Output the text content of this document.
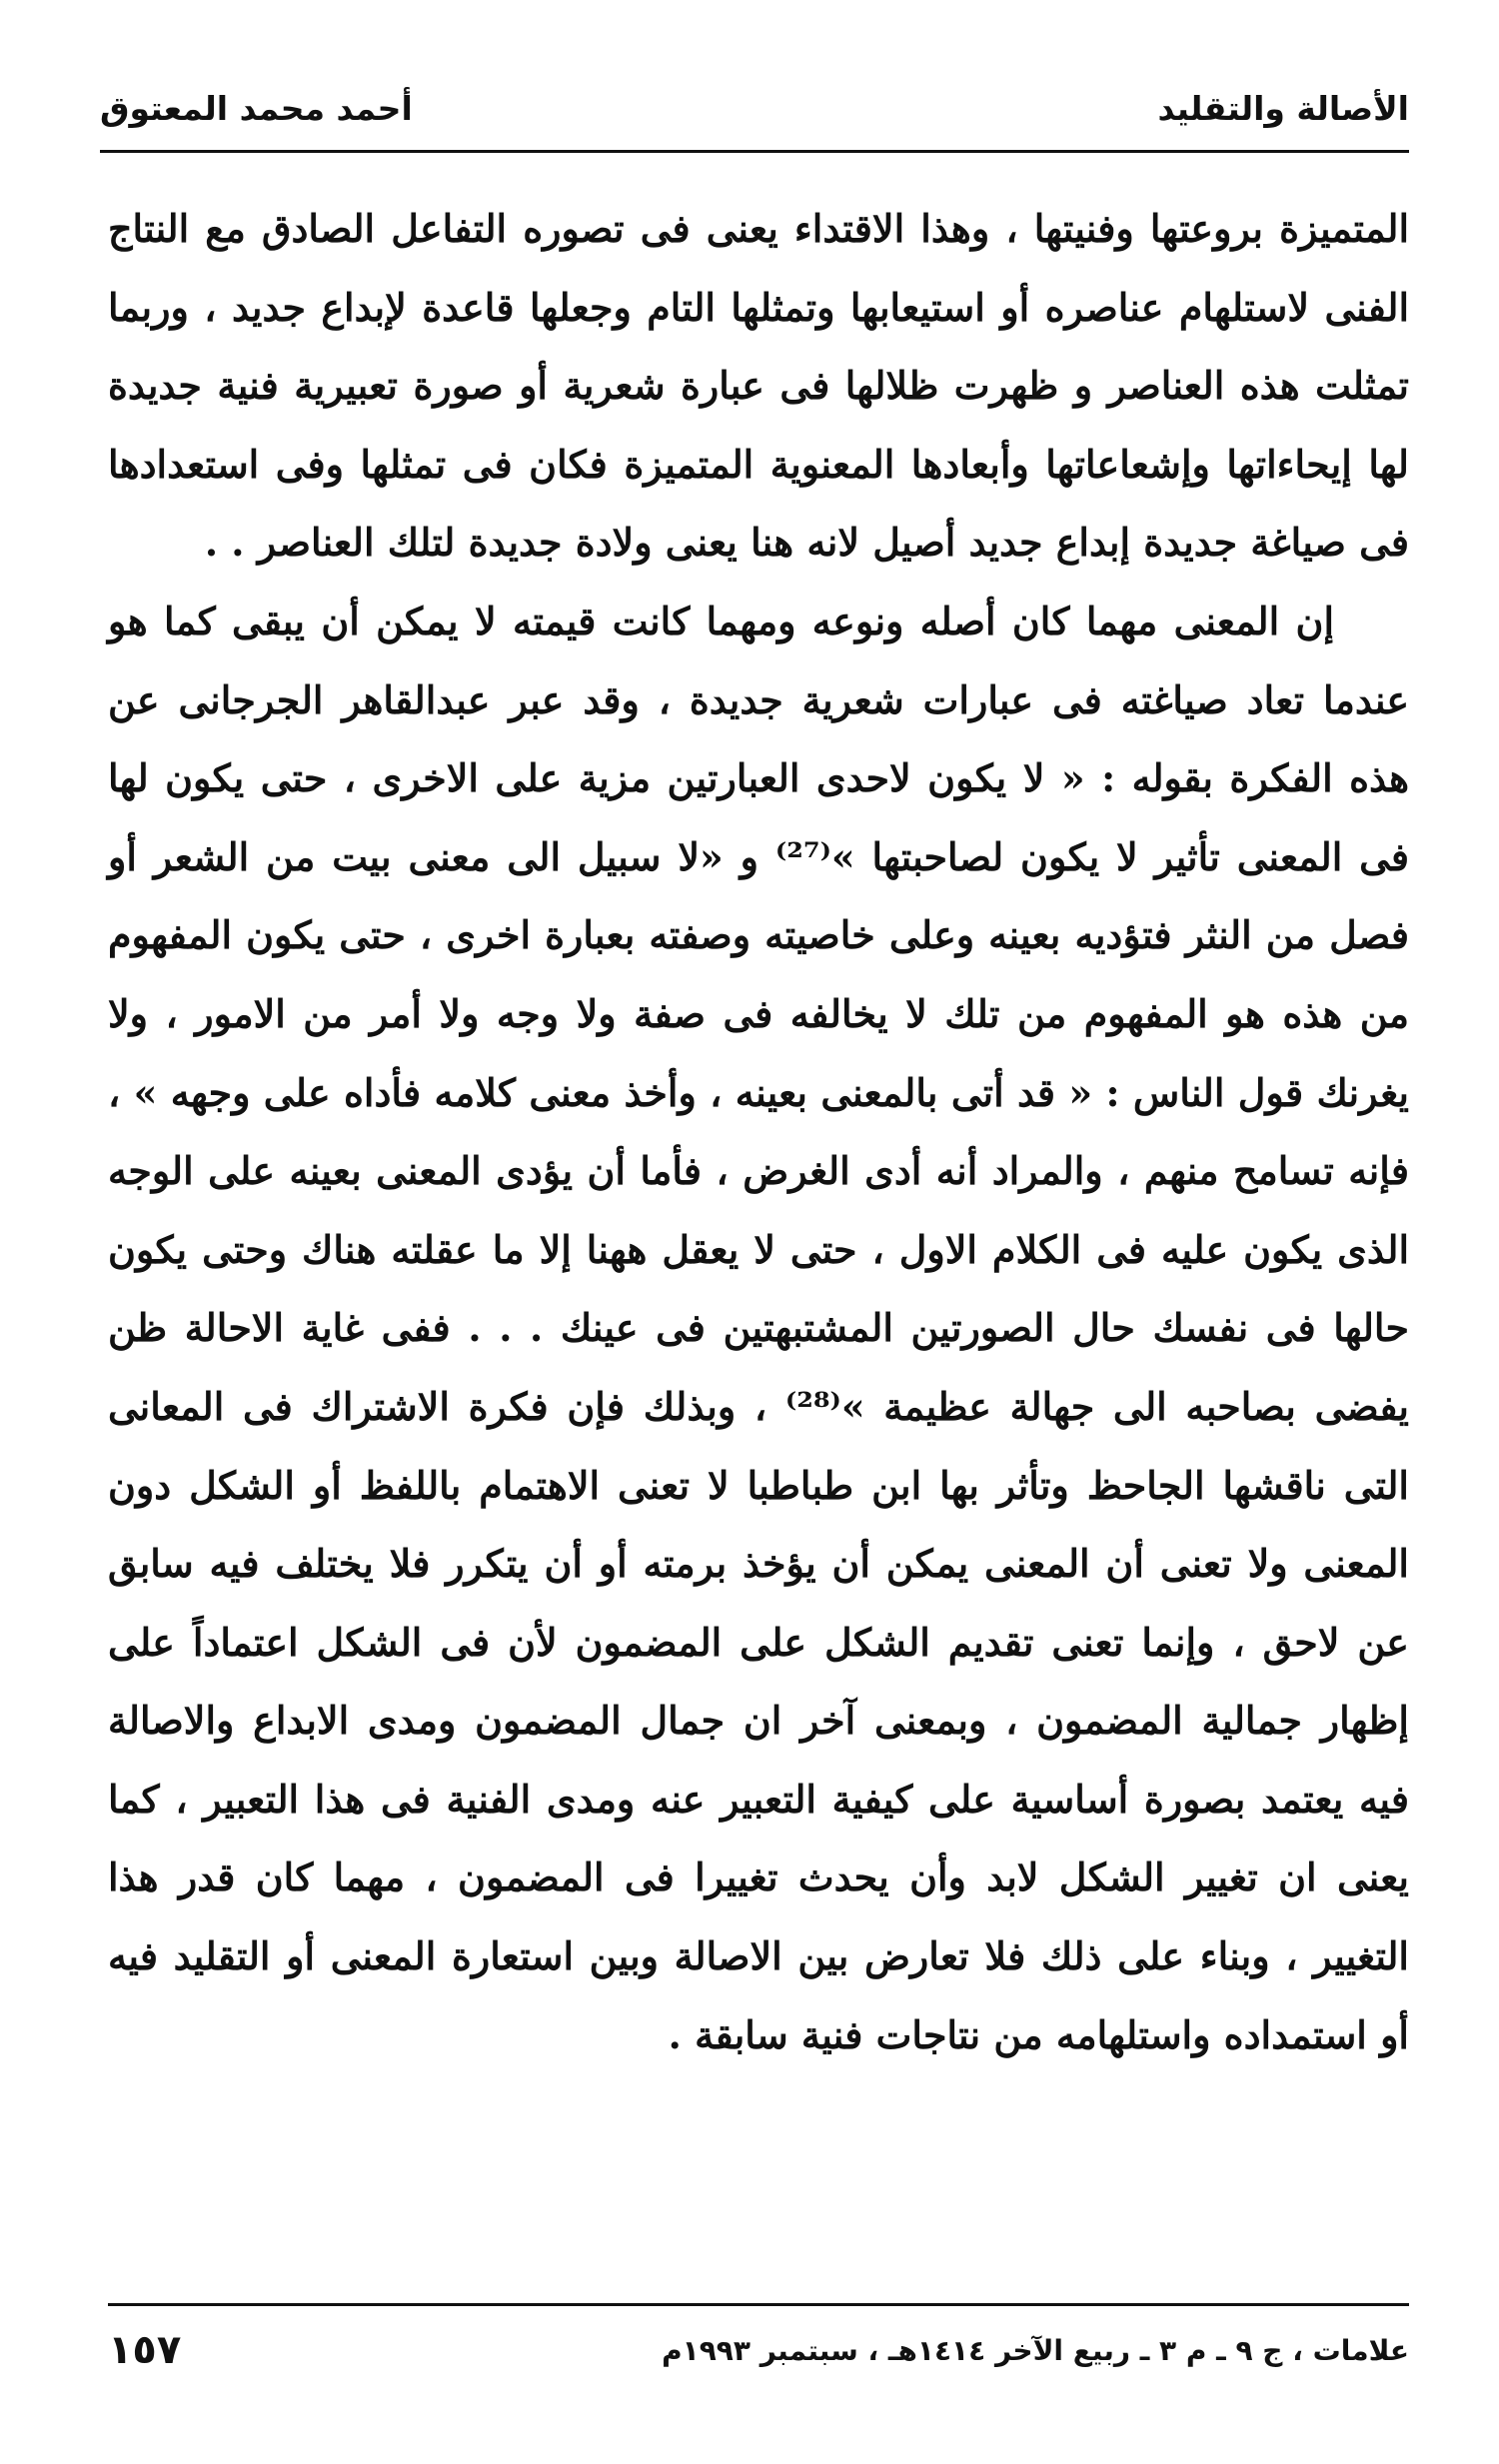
الأصالة والتقليد
أحمد محمد المعتوق

المتميزة بروعتها وفنيتها ، وهذا الاقتداء يعنى فى تصوره التفاعل الصادق مع النتاج الفنى لاستلهام عناصره أو استيعابها وتمثلها التام وجعلها قاعدة لإبداع جديد ، وربما تمثلت هذه العناصر و ظهرت ظلالها فى عبارة شعرية أو صورة تعبيرية فنية جديدة لها إيحاءاتها وإشعاعاتها وأبعادها المعنوية المتميزة فكان فى تمثلها وفى استعدادها فى صياغة جديدة إبداع جديد أصيل لانه هنا يعنى ولادة جديدة لتلك العناصر . .

إن المعنى مهما كان أصله ونوعه ومهما كانت قيمته لا يمكن أن يبقى كما هو عندما تعاد صياغته فى عبارات شعرية جديدة ، وقد عبر عبدالقاهر الجرجانى عن هذه الفكرة بقوله : « لا يكون لاحدى العبارتين مزية على الاخرى ، حتى يكون لها فى المعنى تأثير لا يكون لصاحبتها »⁽²⁷⁾ و «لا سبيل الى معنى بيت من الشعر أو فصل من النثر فتؤديه بعينه وعلى خاصيته وصفته بعبارة اخرى ، حتى يكون المفهوم من هذه هو المفهوم من تلك لا يخالفه فى صفة ولا وجه ولا أمر من الامور ، ولا يغرنك قول الناس : « قد أتى بالمعنى بعينه ، وأخذ معنى كلامه فأداه على وجهه » ، فإنه تسامح منهم ، والمراد أنه أدى الغرض ، فأما أن يؤدى المعنى بعينه على الوجه الذى يكون عليه فى الكلام الاول ، حتى لا يعقل ههنا إلا ما عقلته هناك وحتى يكون حالها فى نفسك حال الصورتين المشتبهتين فى عينك . . . ففى غاية الاحالة ظن يفضى بصاحبه الى جهالة عظيمة »⁽²⁸⁾ ، وبذلك فإن فكرة الاشتراك فى المعانى التى ناقشها الجاحظ وتأثر بها ابن طباطبا لا تعنى الاهتمام باللفظ أو الشكل دون المعنى ولا تعنى أن المعنى يمكن أن يؤخذ برمته أو أن يتكرر فلا يختلف فيه سابق عن لاحق ، وإنما تعنى تقديم الشكل على المضمون لأن فى الشكل اعتماداً على إظهار جمالية المضمون ، وبمعنى آخر ان جمال المضمون ومدى الابداع والاصالة فيه يعتمد بصورة أساسية على كيفية التعبير عنه ومدى الفنية فى هذا التعبير ، كما يعنى ان تغيير الشكل لابد وأن يحدث تغييرا فى المضمون ، مهما كان قدر هذا التغيير ، وبناء على ذلك فلا تعارض بين الاصالة وبين استعارة المعنى أو التقليد فيه أو استمداده واستلهامه من نتاجات فنية سابقة .

علامات ، ج ٩ ـ م ٣ ـ ربيع الآخر ١٤١٤هـ ، سبتمبر ١٩٩٣م
١٥٧
